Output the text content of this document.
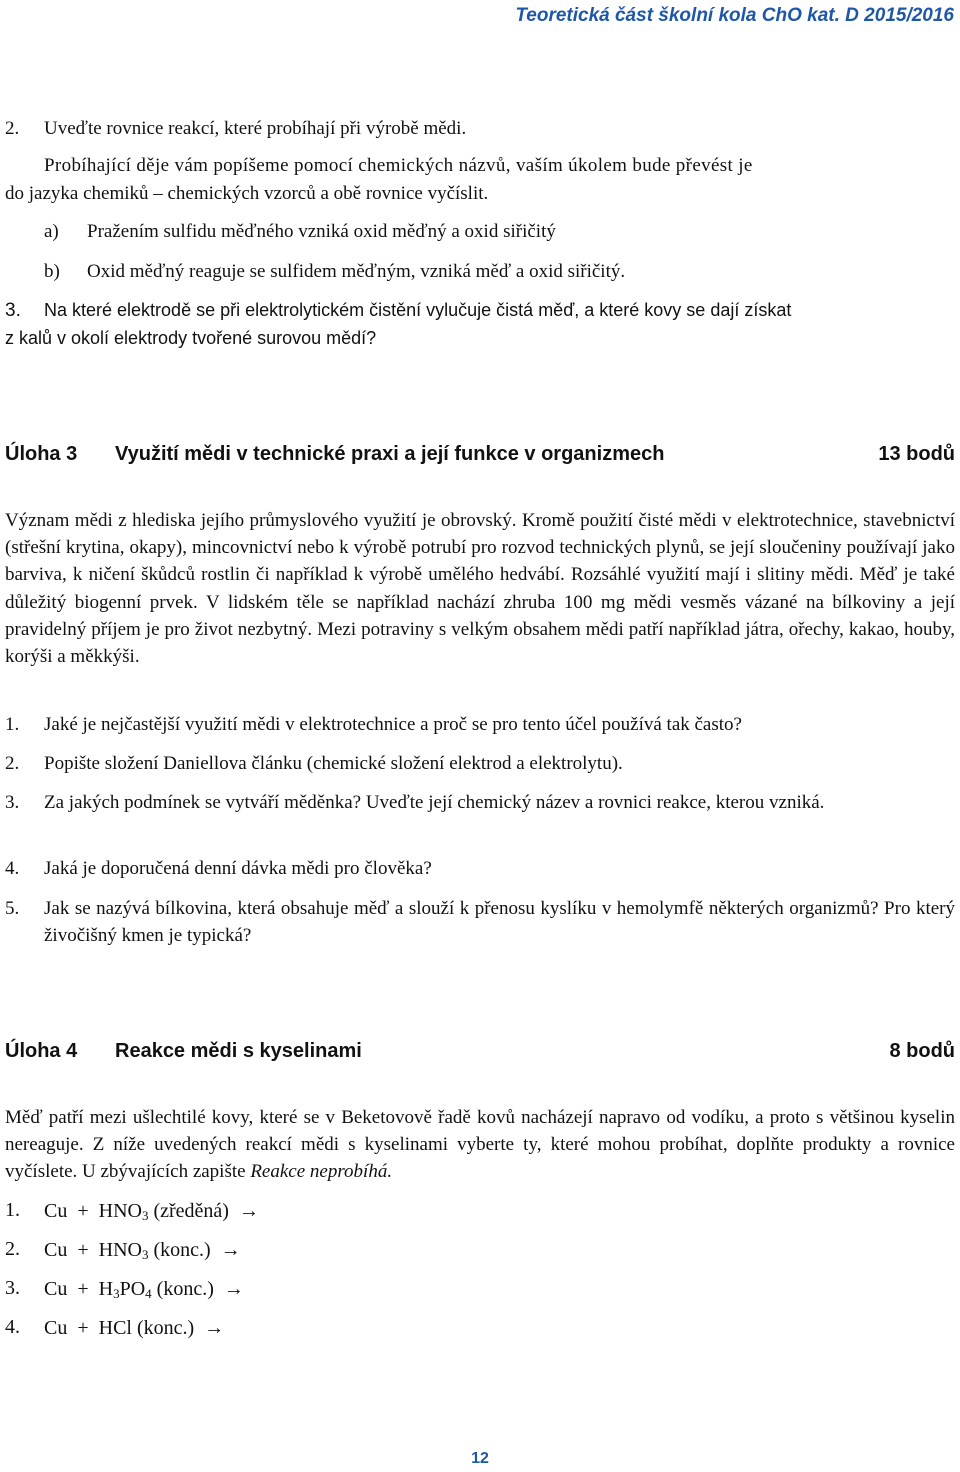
Teoretická část školní kola ChO kat. D 2015/2016
2. Uveďte rovnice reakcí, které probíhají při výrobě mědi.
Probíhající děje vám popíšeme pomocí chemických názvů, vaším úkolem bude převést je
do jazyka chemiků – chemických vzorců a obě rovnice vyčíslit.
a) Pražením sulfidu měďného vzniká oxid měďný a oxid siřičitý
b) Oxid měďný reaguje se sulfidem měďným, vzniká měď a oxid siřičitý.
3. Na které elektrodě se při elektrolytickém čistění vylučuje čistá měď, a které kovy se dají získat
z kalů v okolí elektrody tvořené surovou mědí?
Úloha 3 Využití mědi v technické praxi a její funkce v organizmech	13 bodů
Význam mědi z hlediska jejího průmyslového využití je obrovský. Kromě použití čisté mědi v elektrotechnice, stavebnictví (střešní krytina, okapy), mincovnictví nebo k výrobě potrubí pro rozvod technických plynů, se její sloučeniny používají jako barviva, k ničení škůdců rostlin či například k výrobě umělého hedvábí. Rozsáhlé využití mají i slitiny mědi. Měď je také důležitý biogenní prvek. V lidském těle se například nachází zhruba 100 mg mědi vesměs vázané na bílkoviny a její pravidelný příjem je pro život nezbytný. Mezi potraviny s velkým obsahem mědi patří například játra, ořechy, kakao, houby, korýši a měkkýši.
1. Jaké je nejčastější využití mědi v elektrotechnice a proč se pro tento účel používá tak často?
2. Popište složení Daniellova článku (chemické složení elektrod a elektrolytu).
3. Za jakých podmínek se vytváří měděnka? Uveďte její chemický název a rovnici reakce, kterou vzniká.
4. Jaká je doporučená denní dávka mědi pro člověka?
5. Jak se nazývá bílkovina, která obsahuje měď a slouží k přenosu kyslíku v hemolymfě některých organizmů? Pro který živočišný kmen je typická?
Úloha 4 Reakce mědi s kyselinami	8 bodů
Měď patří mezi ušlechtilé kovy, které se v Beketovově řadě kovů nacházejí napravo od vodíku, a proto s většinou kyselin nereaguje. Z níže uvedených reakcí mědi s kyselinami vyberte ty, které mohou probíhat, doplňte produkty a rovnice vyčíslete. U zbývajících zapište Reakce neprobíhá.
1. $Cu + HNO_3$ (zředěná) →
2. $Cu + HNO_3$ (konc.) →
3. $Cu + H_3PO_4$ (konc.) →
4. Cu + HCl (konc.) →
12
